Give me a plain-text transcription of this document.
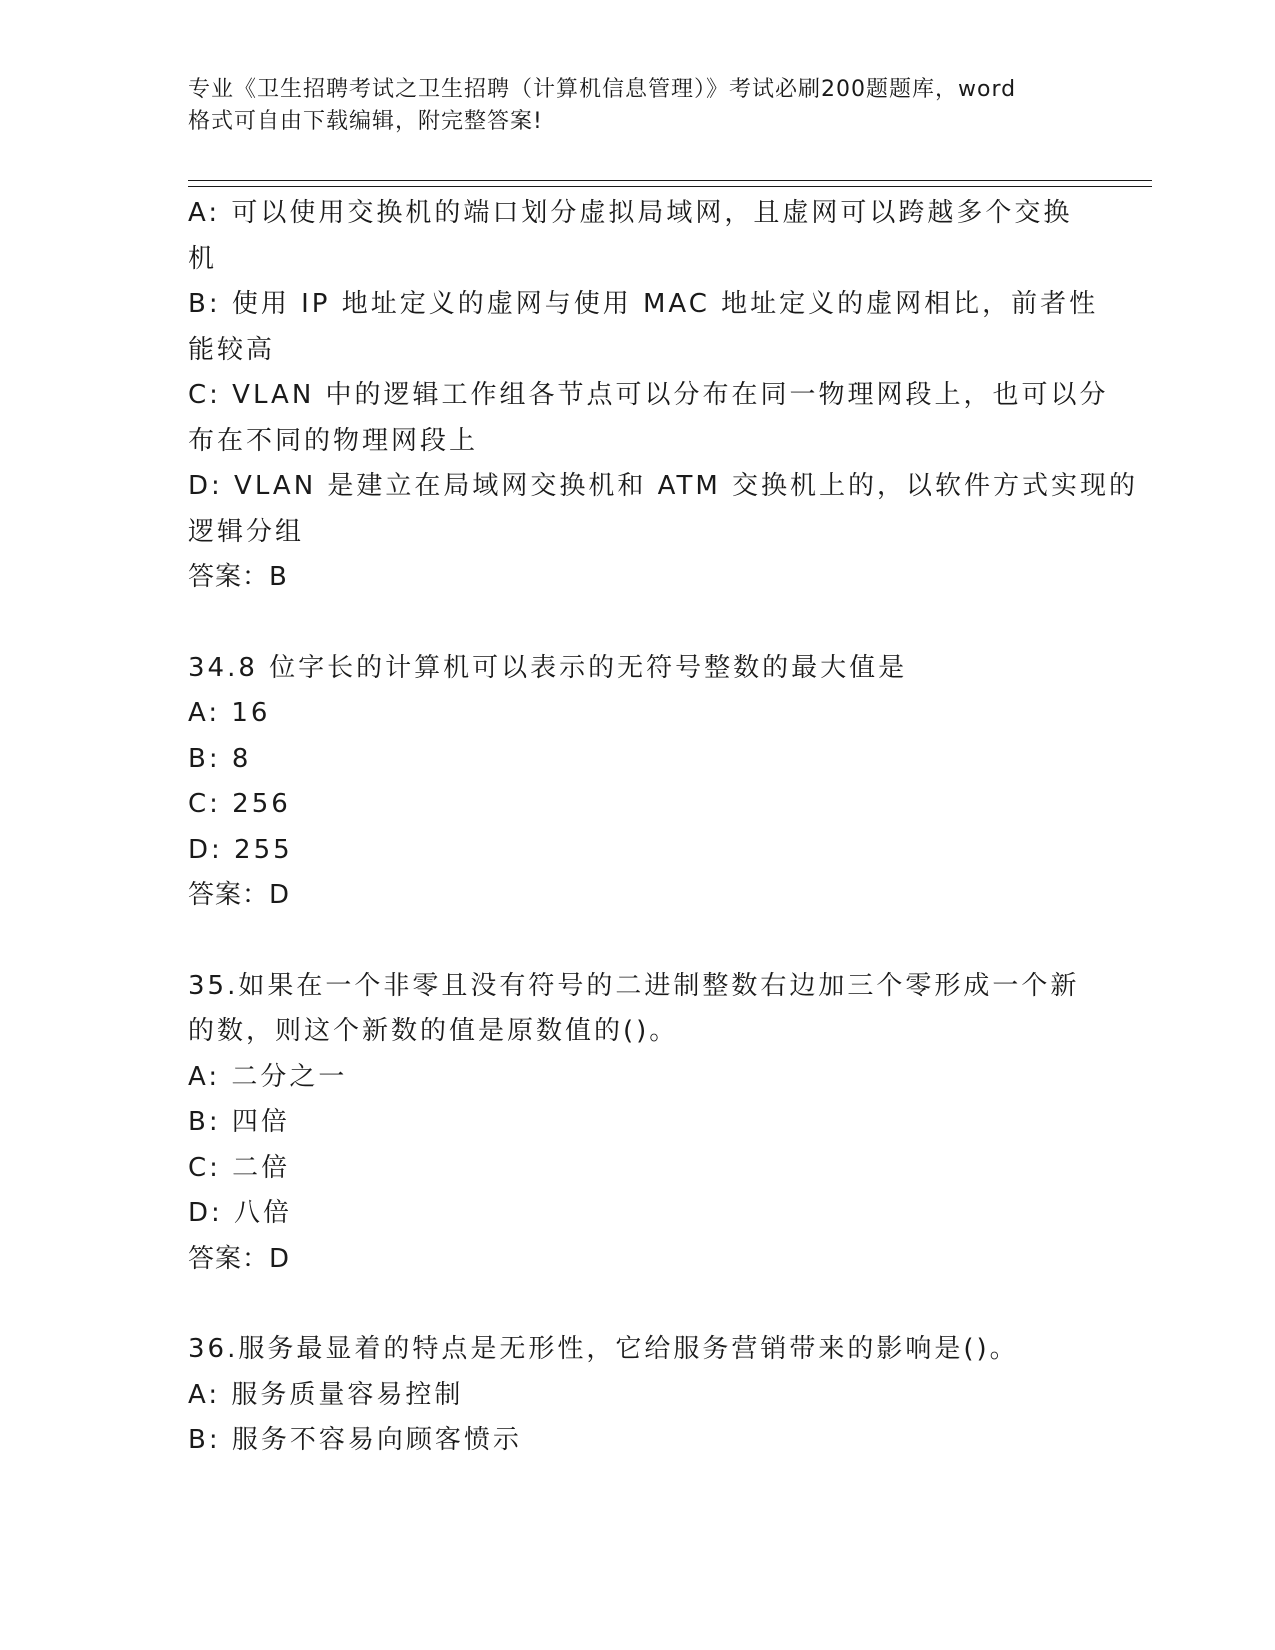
专业《卫生招聘考试之卫生招聘（计算机信息管理）》考试必刷200题题库，word
格式可自由下载编辑，附完整答案!
A: 可以使用交换机的端口划分虚拟局域网，且虚网可以跨越多个交换
机
B: 使用 IP 地址定义的虚网与使用 MAC 地址定义的虚网相比，前者性
能较高
C: VLAN 中的逻辑工作组各节点可以分布在同一物理网段上，也可以分
布在不同的物理网段上
D: VLAN 是建立在局域网交换机和 ATM 交换机上的，以软件方式实现的
逻辑分组
答案：B
34.8 位字长的计算机可以表示的无符号整数的最大值是
A: 16
B: 8
C: 256
D: 255
答案：D
35.如果在一个非零且没有符号的二进制整数右边加三个零形成一个新
的数，则这个新数的值是原数值的()。
A: 二分之一
B: 四倍
C: 二倍
D: 八倍
答案：D
36.服务最显着的特点是无形性，它给服务营销带来的影响是()。
A: 服务质量容易控制
B: 服务不容易向顾客愤示
